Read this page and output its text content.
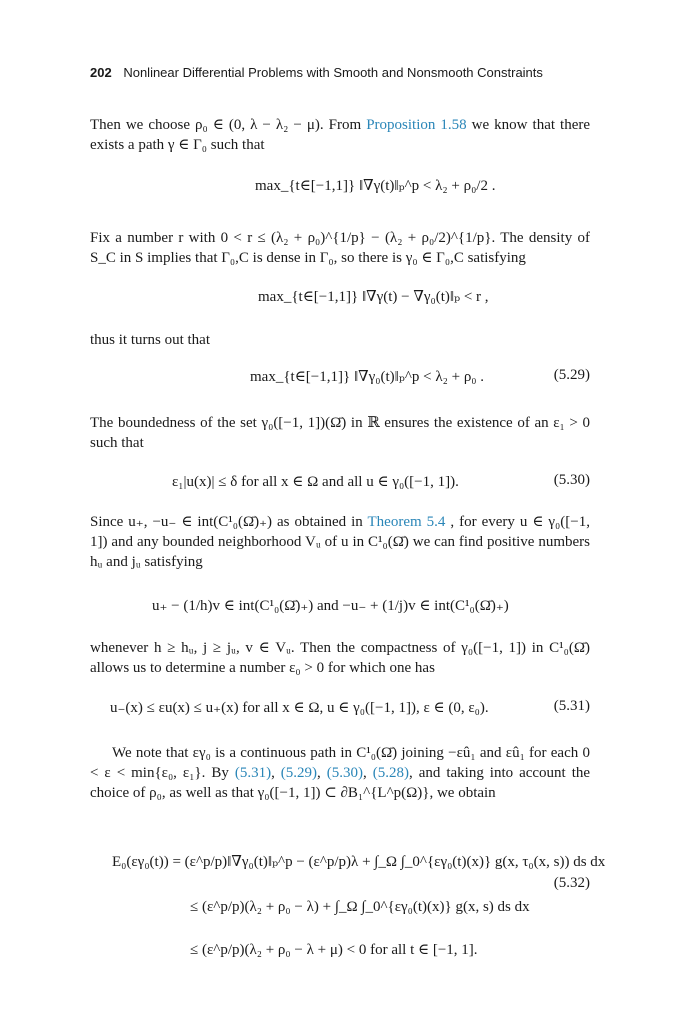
202 Nonlinear Differential Problems with Smooth and Nonsmooth Constraints
Then we choose ρ₀ ∈ (0, λ − λ₂ − μ). From Proposition 1.58 we know that there exists a path γ ∈ Γ₀ such that
max_{t∈[−1,1]} ‖∇γ(t)‖ₚ^p < λ₂ + ρ₀/2 .
Fix a number r with 0 < r ≤ (λ₂ + ρ₀)^{1/p} − (λ₂ + ρ₀/2)^{1/p}. The density of S_C in S implies that Γ₀,C is dense in Γ₀, so there is γ₀ ∈ Γ₀,C satisfying
max_{t∈[−1,1]} ‖∇γ(t) − ∇γ₀(t)‖ₚ < r ,
thus it turns out that
max_{t∈[−1,1]} ‖∇γ₀(t)‖ₚ^p < λ₂ + ρ₀ .	(5.29)
The boundedness of the set γ₀([−1, 1])(Ω̄) in ℝ ensures the existence of an ε₁ > 0 such that
ε₁|u(x)| ≤ δ for all x ∈ Ω and all u ∈ γ₀([−1, 1]).	(5.30)
Since u₊, −u₋ ∈ int(C¹₀(Ω̄)₊) as obtained in Theorem 5.4 , for every u ∈ γ₀([−1, 1]) and any bounded neighborhood Vᵤ of u in C¹₀(Ω̄) we can find positive numbers hᵤ and jᵤ satisfying
u₊ − (1/h)v ∈ int(C¹₀(Ω̄)₊) and −u₋ + (1/j)v ∈ int(C¹₀(Ω̄)₊)
whenever h ≥ hᵤ, j ≥ jᵤ, v ∈ Vᵤ. Then the compactness of γ₀([−1, 1]) in C¹₀(Ω̄) allows us to determine a number ε₀ > 0 for which one has
u₋(x) ≤ εu(x) ≤ u₊(x) for all x ∈ Ω, u ∈ γ₀([−1, 1]), ε ∈ (0, ε₀).	(5.31)
We note that εγ₀ is a continuous path in C¹₀(Ω̄) joining −εû₁ and εû₁ for each 0 < ε < min{ε₀, ε₁}. By (5.31), (5.29), (5.30), (5.28), and taking into account the choice of ρ₀, as well as that γ₀([−1, 1]) ⊂ ∂B₁^{L^p(Ω)}, we obtain
E₀(εγ₀(t)) = (ε^p/p)‖∇γ₀(t)‖ₚ^p − (ε^p/p)λ + ∫_Ω ∫_0^{εγ₀(t)(x)} g(x, τ₀(x, s)) ds dx
≤ (ε^p/p)(λ₂ + ρ₀ − λ) + ∫_Ω ∫_0^{εγ₀(t)(x)} g(x, s) ds dx
(5.32)
≤ (ε^p/p)(λ₂ + ρ₀ − λ + μ) < 0 for all t ∈ [−1, 1].
